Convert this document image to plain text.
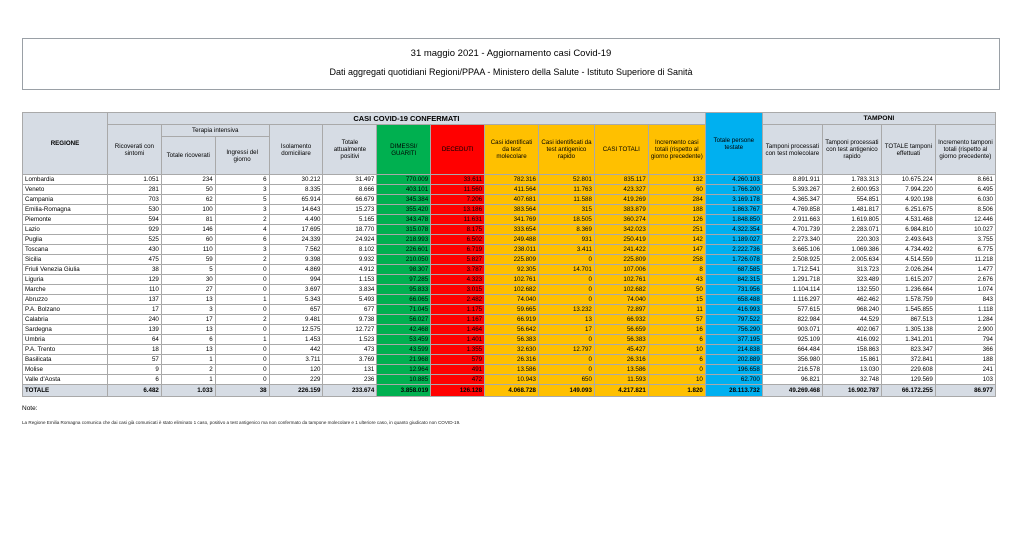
31 maggio 2021 - Aggiornamento casi Covid-19
Dati aggregati quotidiani Regioni/PPAA - Ministero della Salute - Istituto Superiore di Sanità
REGIONE	CASI COVID-19 CONFERMATI											Totale persone testate	TAMPONI			
	Ricoverati con sintomi	Terapia intensiva		Isolamento domiciliare	Totale attualmente positivi	DIMESSI/ GUARITI	DECEDUTI	Casi identificati da test molecolare	Casi identificati da test antigenico rapido	CASI TOTALI	Incremento casi totali (rispetto al giorno precedente)		Tamponi processati con test molecolare	Tamponi processati con test antigenico rapido	TOTALE tamponi effettuati	Incremento tamponi totali (rispetto al giorno precedente)
		Totale ricoverati	Ingressi del giorno													
Lombardia	1.051	234	6	30.212	31.497	770.009	33.611	782.316	52.801	835.117	132	4.260.103	8.891.911	1.783.313	10.675.224	8.661
Veneto	281	50	3	8.335	8.666	403.101	11.560	411.564	11.763	423.327	60	1.766.200	5.393.267	2.600.953	7.994.220	6.495
Campania	703	62	5	65.914	66.679	345.384	7.206	407.681	11.588	419.269	284	3.169.178	4.365.347	554.851	4.920.198	6.030
Emilia-Romagna	530	100	3	14.643	15.273	355.420	13.186	383.564	315	383.879	188	1.863.767	4.769.858	1.481.817	6.251.675	8.506
Piemonte	594	81	2	4.490	5.165	343.478	11.631	341.769	18.505	360.274	126	1.848.850	2.911.663	1.619.805	4.531.468	12.446
Lazio	929	146	4	17.695	18.770	315.078	8.175	333.654	8.369	342.023	251	4.322.354	4.701.739	2.283.071	6.984.810	10.027
Puglia	525	60	6	24.339	24.924	218.993	6.502	249.488	931	250.419	142	1.189.027	2.273.340	220.303	2.493.643	3.755
Toscana	430	110	3	7.562	8.102	226.601	6.719	238.011	3.411	241.422	147	2.222.736	3.665.106	1.069.386	4.734.492	6.775
Sicilia	475	59	2	9.398	9.932	210.050	5.827	225.809	0	225.809	258	1.726.078	2.508.925	2.005.634	4.514.559	11.218
Friuli Venezia Giulia	38	5	0	4.869	4.912	98.307	3.787	92.305	14.701	107.006	8	687.585	1.712.541	313.723	2.026.264	1.477
Liguria	129	30	0	994	1.153	97.285	4.323	102.761	0	102.761	43	842.315	1.291.718	323.489	1.615.207	2.676
Marche	110	27	0	3.697	3.834	95.833	3.015	102.682	0	102.682	50	731.956	1.104.114	132.550	1.236.664	1.074
Abruzzo	137	13	1	5.343	5.493	66.065	2.482	74.040	0	74.040	15	658.488	1.116.297	462.462	1.578.759	843
P.A. Bolzano	17	3	0	657	677	71.045	1.175	59.665	13.232	72.897	11	416.993	577.615	968.240	1.545.855	1.118
Calabria	240	17	2	9.481	9.738	56.027	1.167	66.919	13	66.932	57	797.522	822.984	44.529	867.513	1.284
Sardegna	139	13	0	12.575	12.727	42.468	1.464	56.642	17	56.659	16	756.290	903.071	402.067	1.305.138	2.900
Umbria	64	6	1	1.453	1.523	53.459	1.401	56.383	0	56.383	6	377.195	925.109	416.092	1.341.201	794
P.A. Trento	18	13	0	442	473	43.599	1.355	32.630	12.797	45.427	10	214.838	664.484	158.863	823.347	366
Basilicata	57	1	0	3.711	3.769	21.968	579	26.316	0	26.316	6	202.889	356.980	15.861	372.841	188
Molise	9	2	0	120	131	12.964	491	13.586	0	13.586	0	196.658	216.578	13.030	229.608	241
Valle d'Aosta	6	1	0	229	236	10.885	472	10.943	650	11.593	10	62.700	96.821	32.748	129.569	103
TOTALE	6.482	1.033	38	226.159	233.674	3.858.019	126.128	4.068.728	149.093	4.217.821	1.820	28.113.732	49.269.468	16.902.787	66.172.255	86.977
Note:
La Regione Emilia Romagna comunica che dai casi già comunicati è stato eliminato 1 caso, positivo a test antigenico ma non confermato da tampone molecolare e 1 ulteriore caso, in quanto giudicato non COVID-19.
